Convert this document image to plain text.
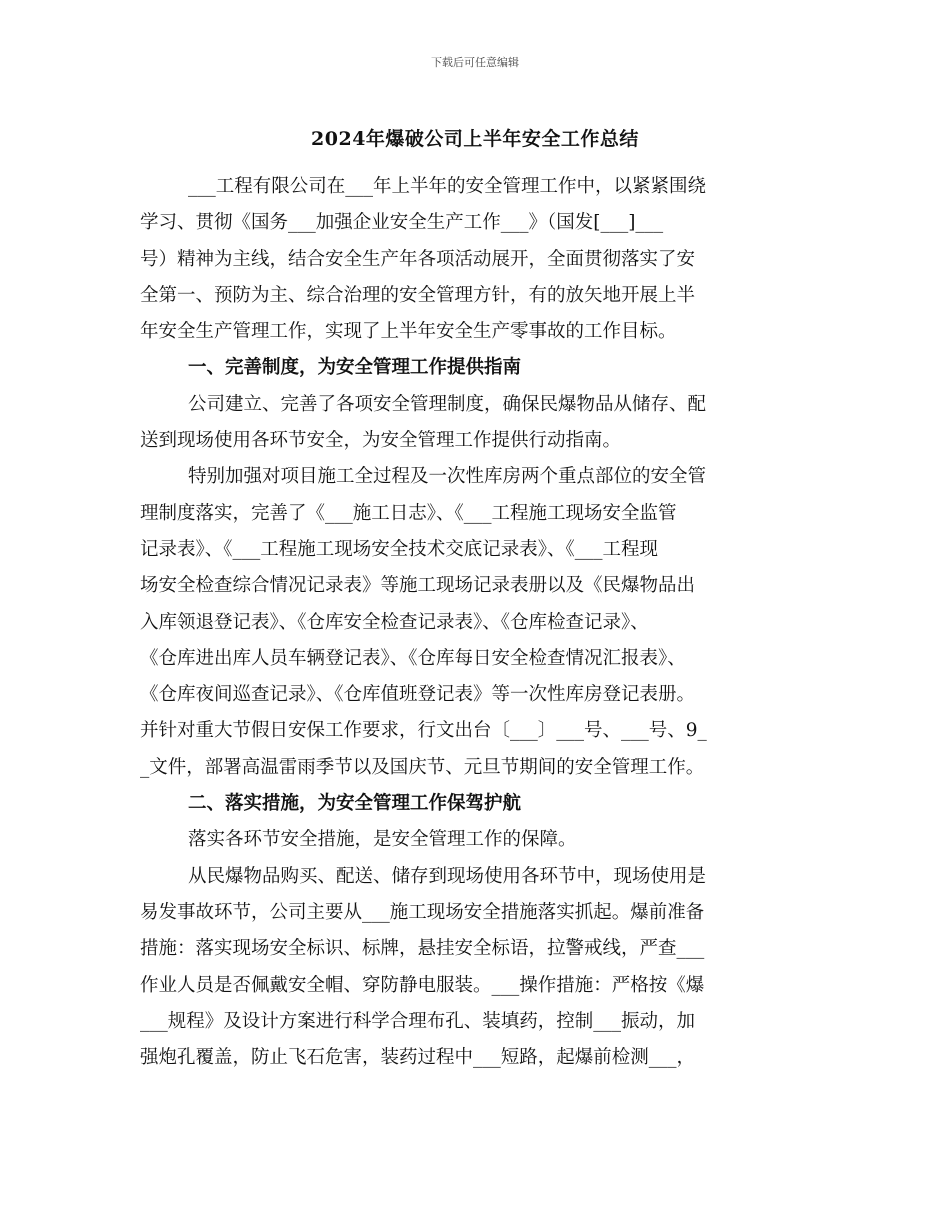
下载后可任意编辑
2024年爆破公司上半年安全工作总结
___工程有限公司在___年上半年的安全管理工作中，以紧紧围绕
学习、贯彻《国务___加强企业安全生产工作___》（国发[___]___
号）精神为主线，结合安全生产年各项活动展开，全面贯彻落实了安
全第一、预防为主、综合治理的安全管理方针，有的放矢地开展上半
年安全生产管理工作，实现了上半年安全生产零事故的工作目标。
一、完善制度，为安全管理工作提供指南
公司建立、完善了各项安全管理制度，确保民爆物品从储存、配
送到现场使用各环节安全，为安全管理工作提供行动指南。
特别加强对项目施工全过程及一次性库房两个重点部位的安全管
理制度落实，完善了《___施工日志》、《___工程施工现场安全监管
记录表》、《___工程施工现场安全技术交底记录表》、《___工程现
场安全检查综合情况记录表》等施工现场记录表册以及《民爆物品出
入库领退登记表》、《仓库安全检查记录表》、《仓库检查记录》、
《仓库进出库人员车辆登记表》、《仓库每日安全检查情况汇报表》、
《仓库夜间巡查记录》、《仓库值班登记表》等一次性库房登记表册。
并针对重大节假日安保工作要求，行文出台〔___〕___号、___号、9_
_文件，部署高温雷雨季节以及国庆节、元旦节期间的安全管理工作。
二、落实措施，为安全管理工作保驾护航
落实各环节安全措施，是安全管理工作的保障。
从民爆物品购买、配送、储存到现场使用各环节中，现场使用是
易发事故环节，公司主要从___施工现场安全措施落实抓起。爆前准备
措施：落实现场安全标识、标牌，悬挂安全标语，拉警戒线，严查___
作业人员是否佩戴安全帽、穿防静电服装。___操作措施：严格按《爆
___规程》及设计方案进行科学合理布孔、装填药，控制___振动，加
强炮孔覆盖，防止飞石危害，装药过程中___短路，起爆前检测___，
